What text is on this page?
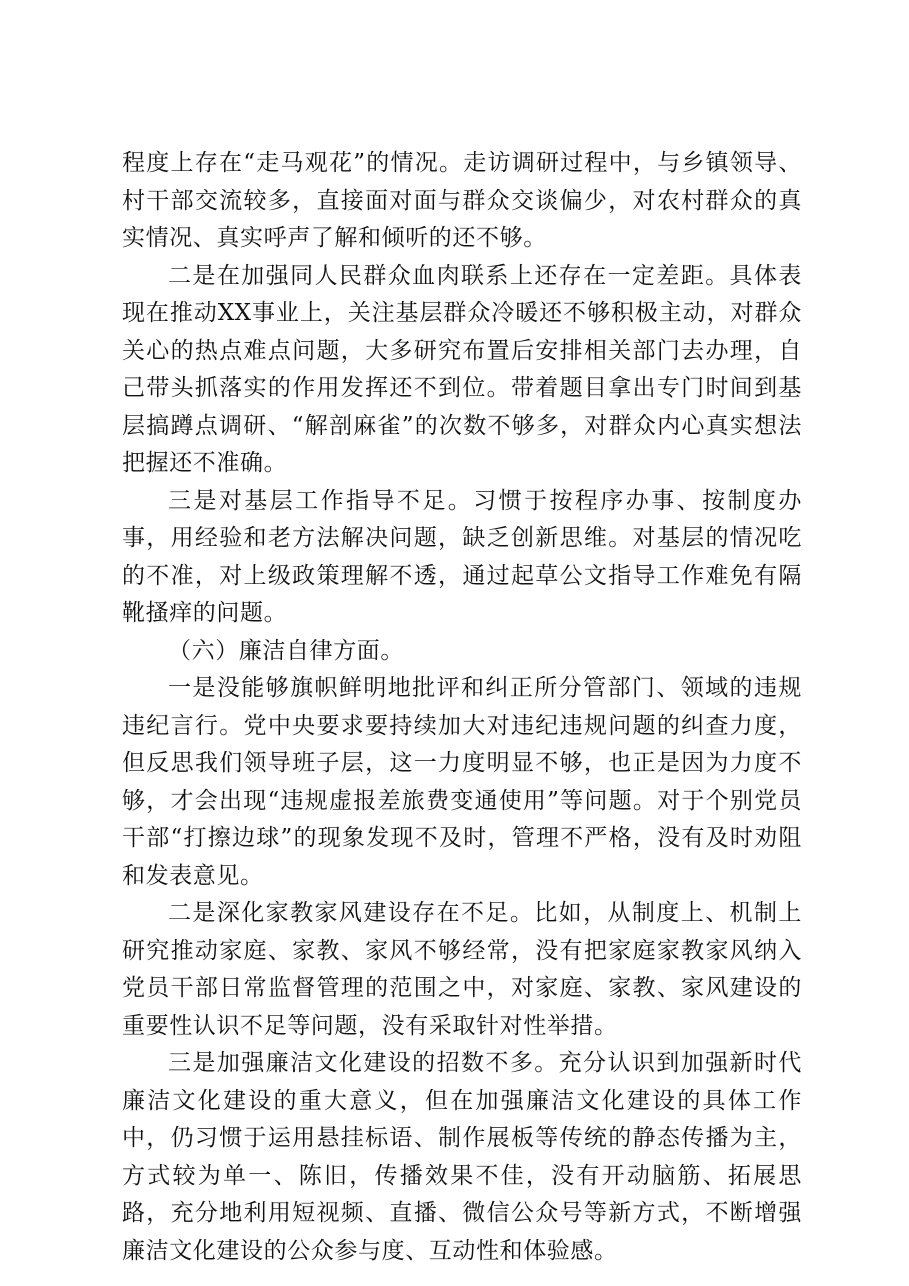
程度上存在“走马观花”的情况。走访调研过程中，与乡镇领导、村干部交流较多，直接面对面与群众交谈偏少，对农村群众的真实情况、真实呼声了解和倾听的还不够。

二是在加强同人民群众血肉联系上还存在一定差距。具体表现在推动XX事业上，关注基层群众冷暖还不够积极主动，对群众关心的热点难点问题，大多研究布置后安排相关部门去办理，自己带头抓落实的作用发挥还不到位。带着题目拿出专门时间到基层搞蹲点调研、“解剖麻雀”的次数不够多，对群众内心真实想法把握还不准确。

三是对基层工作指导不足。习惯于按程序办事、按制度办事，用经验和老方法解决问题，缺乏创新思维。对基层的情况吃的不准，对上级政策理解不透，通过起草公文指导工作难免有隔靴搔痒的问题。

（六）廉洁自律方面。

一是没能够旗帜鲜明地批评和纠正所分管部门、领域的违规违纪言行。党中央要求要持续加大对违纪违规问题的纠查力度，但反思我们领导班子层，这一力度明显不够，也正是因为力度不够，才会出现“违规虚报差旅费变通使用”等问题。对于个别党员干部“打擦边球”的现象发现不及时，管理不严格，没有及时劝阻和发表意见。

二是深化家教家风建设存在不足。比如，从制度上、机制上研究推动家庭、家教、家风不够经常，没有把家庭家教家风纳入党员干部日常监督管理的范围之中，对家庭、家教、家风建设的重要性认识不足等问题，没有采取针对性举措。

三是加强廉洁文化建设的招数不多。充分认识到加强新时代廉洁文化建设的重大意义，但在加强廉洁文化建设的具体工作中，仍习惯于运用悬挂标语、制作展板等传统的静态传播为主，方式较为单一、陈旧，传播效果不佳，没有开动脑筋、拓展思路，充分地利用短视频、直播、微信公众号等新方式，不断增强廉洁文化建设的公众参与度、互动性和体验感。
